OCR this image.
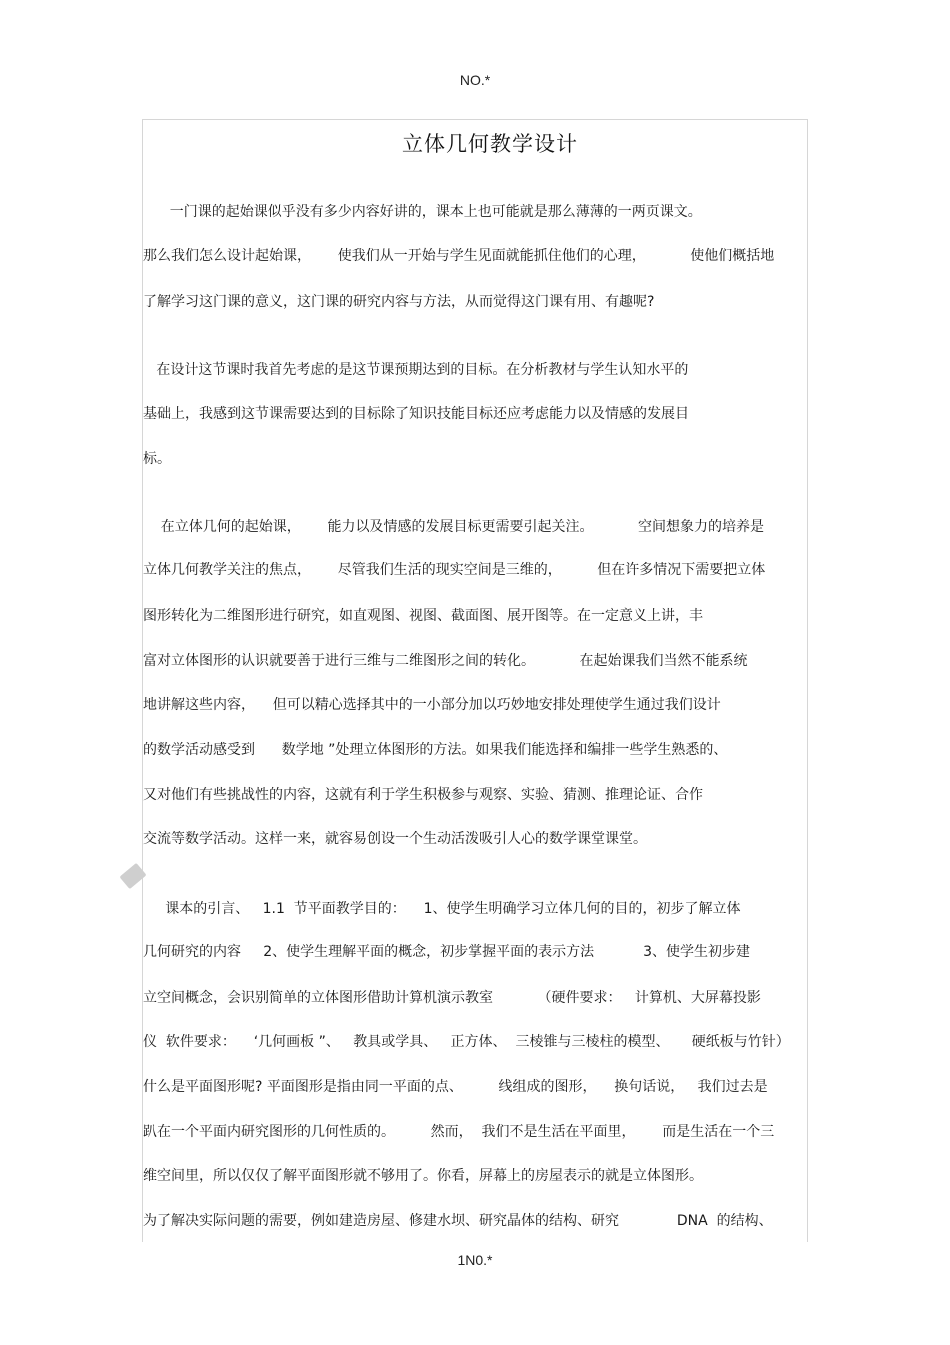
NO.*
立体几何教学设计
一门课的起始课似乎没有多少内容好讲的，课本上也可能就是那么薄薄的一两页课文。
那么我们怎么设计起始课，      使我们从一开始与学生见面就能抓住他们的心理，          使他们概括地
了解学习这门课的意义，这门课的研究内容与方法，从而觉得这门课有用、有趣呢?
在设计这节课时我首先考虑的是这节课预期达到的目标。在分析教材与学生认知水平的
基础上，我感到这节课需要达到的目标除了知识技能目标还应考虑能力以及情感的发展目
标。
在立体几何的起始课，      能力以及情感的发展目标更需要引起关注。          空间想象力的培养是
立体几何教学关注的焦点，      尽管我们生活的现实空间是三维的，        但在许多情况下需要把立体
图形转化为二维图形进行研究，如直观图、视图、截面图、展开图等。在一定意义上讲，丰
富对立体图形的认识就要善于进行三维与二维图形之间的转化。          在起始课我们当然不能系统
地讲解这些内容，    但可以精心选择其中的一小部分加以巧妙地安排处理使学生通过我们设计
的数学活动感受到      数学地 ”处理立体图形的方法。如果我们能选择和编排一些学生熟悉的、
又对他们有些挑战性的内容，这就有利于学生积极参与观察、实验、猜测、推理论证、合作
交流等数学活动。这样一来，就容易创设一个生动活泼吸引人心的数学课堂课堂。
课本的引言、   1.1  节平面教学目的：    1、使学生明确学习立体几何的目的，初步了解立体
几何研究的内容     2、使学生理解平面的概念，初步掌握平面的表示方法           3、使学生初步建
立空间概念，会识别简单的立体图形借助计算机演示教室          （硬件要求：   计算机、大屏幕投影
仪  软件要求：    ‘几何画板 ”、   教具或学具、   正方体、  三棱锥与三棱柱的模型、     硬纸板与竹针）
什么是平面图形呢? 平面图形是指由同一平面的点、        线组成的图形，    换句话说，   我们过去是
趴在一个平面内研究图形的几何性质的。        然而，  我们不是生活在平面里，      而是生活在一个三
维空间里，所以仅仅了解平面图形就不够用了。你看，屏幕上的房屋表示的就是立体图形。
为了解决实际问题的需要，例如建造房屋、修建水坝、研究晶体的结构、研究             DNA  的结构、
1N0.*
